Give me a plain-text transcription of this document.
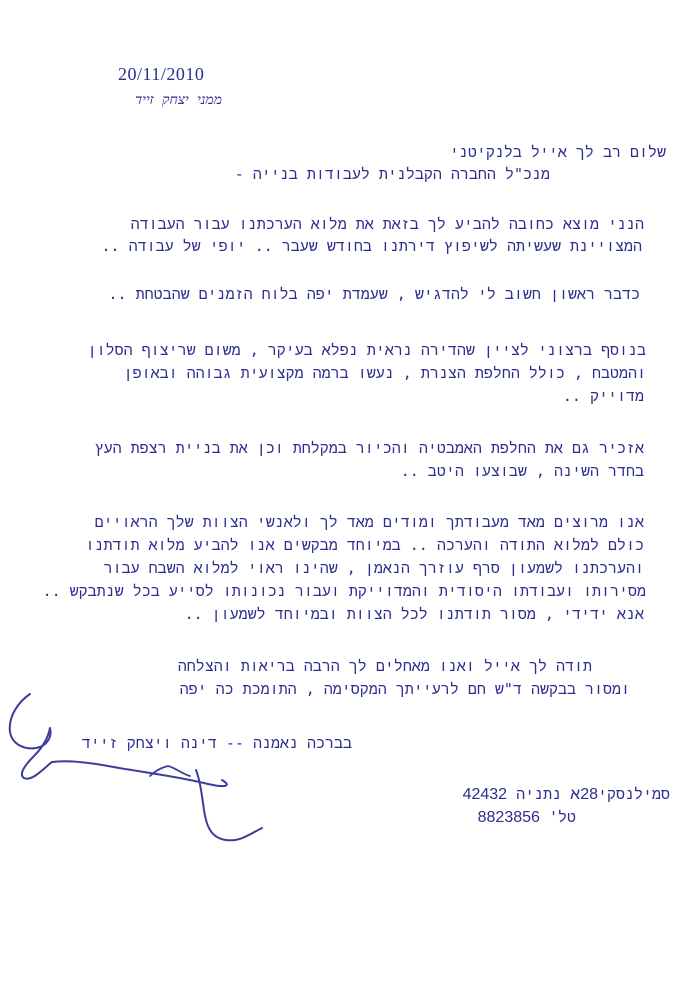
20/11/2010
ממני יצחק זייד
שלום רב לך אייל בלנקיטני
מנכ"ל החברה הקבלנית לעבודות בנייה -
הנני מוצא כחובה להביע לך בזאת את מלוא הערכתנו עבור העבודה
המצויינת שעשיתה לשיפוץ דירתנו בחודש שעבר .. יופי של עבודה ..
כדבר ראשון חשוב לי להדגיש , שעמדת יפה בלוח הזמנים שהבטחת ..
בנוסף ברצוני לציין שהדירה נראית נפלא בעיקר , משום שריצוף הסלון
והמטבח , כולל החלפת הצנרת , נעשו ברמה מקצועית גבוהה ובאופן
מדוייק ..
אזכיר גם את החלפת האמבטיה והכיור במקלחת וכן את בניית רצפת העץ
בחדר השינה , שבוצעו היטב ..
אנו מרוצים מאד מעבודתך ומודים מאד לך ולאנשי הצוות שלך הראויים
כולם למלוא התודה והערכה .. במיוחד מבקשים אנו להביע מלוא תודתנו
והערכתנו לשמעון סרף עוזרך הנאמן , שהינו ראוי למלוא השבח עבור
מסירותו ועבודתו היסודית והמדוייקת ועבור נכונותו לסייע בכל שנתבקש ..
אנא ידידי , מסור תודתנו לכל הצוות ובמיוחד לשמעון ..
תודה לך אייל ואנו מאחלים לך הרבה בריאות והצלחה
ומסור בבקשה ד"ש חם לרעייתך המקסימה , התומכת כה יפה
בברכה נאמנה -- דינה ויצחק זייד
סמילנסקי28א נתניה 42432
טל' 8823856
